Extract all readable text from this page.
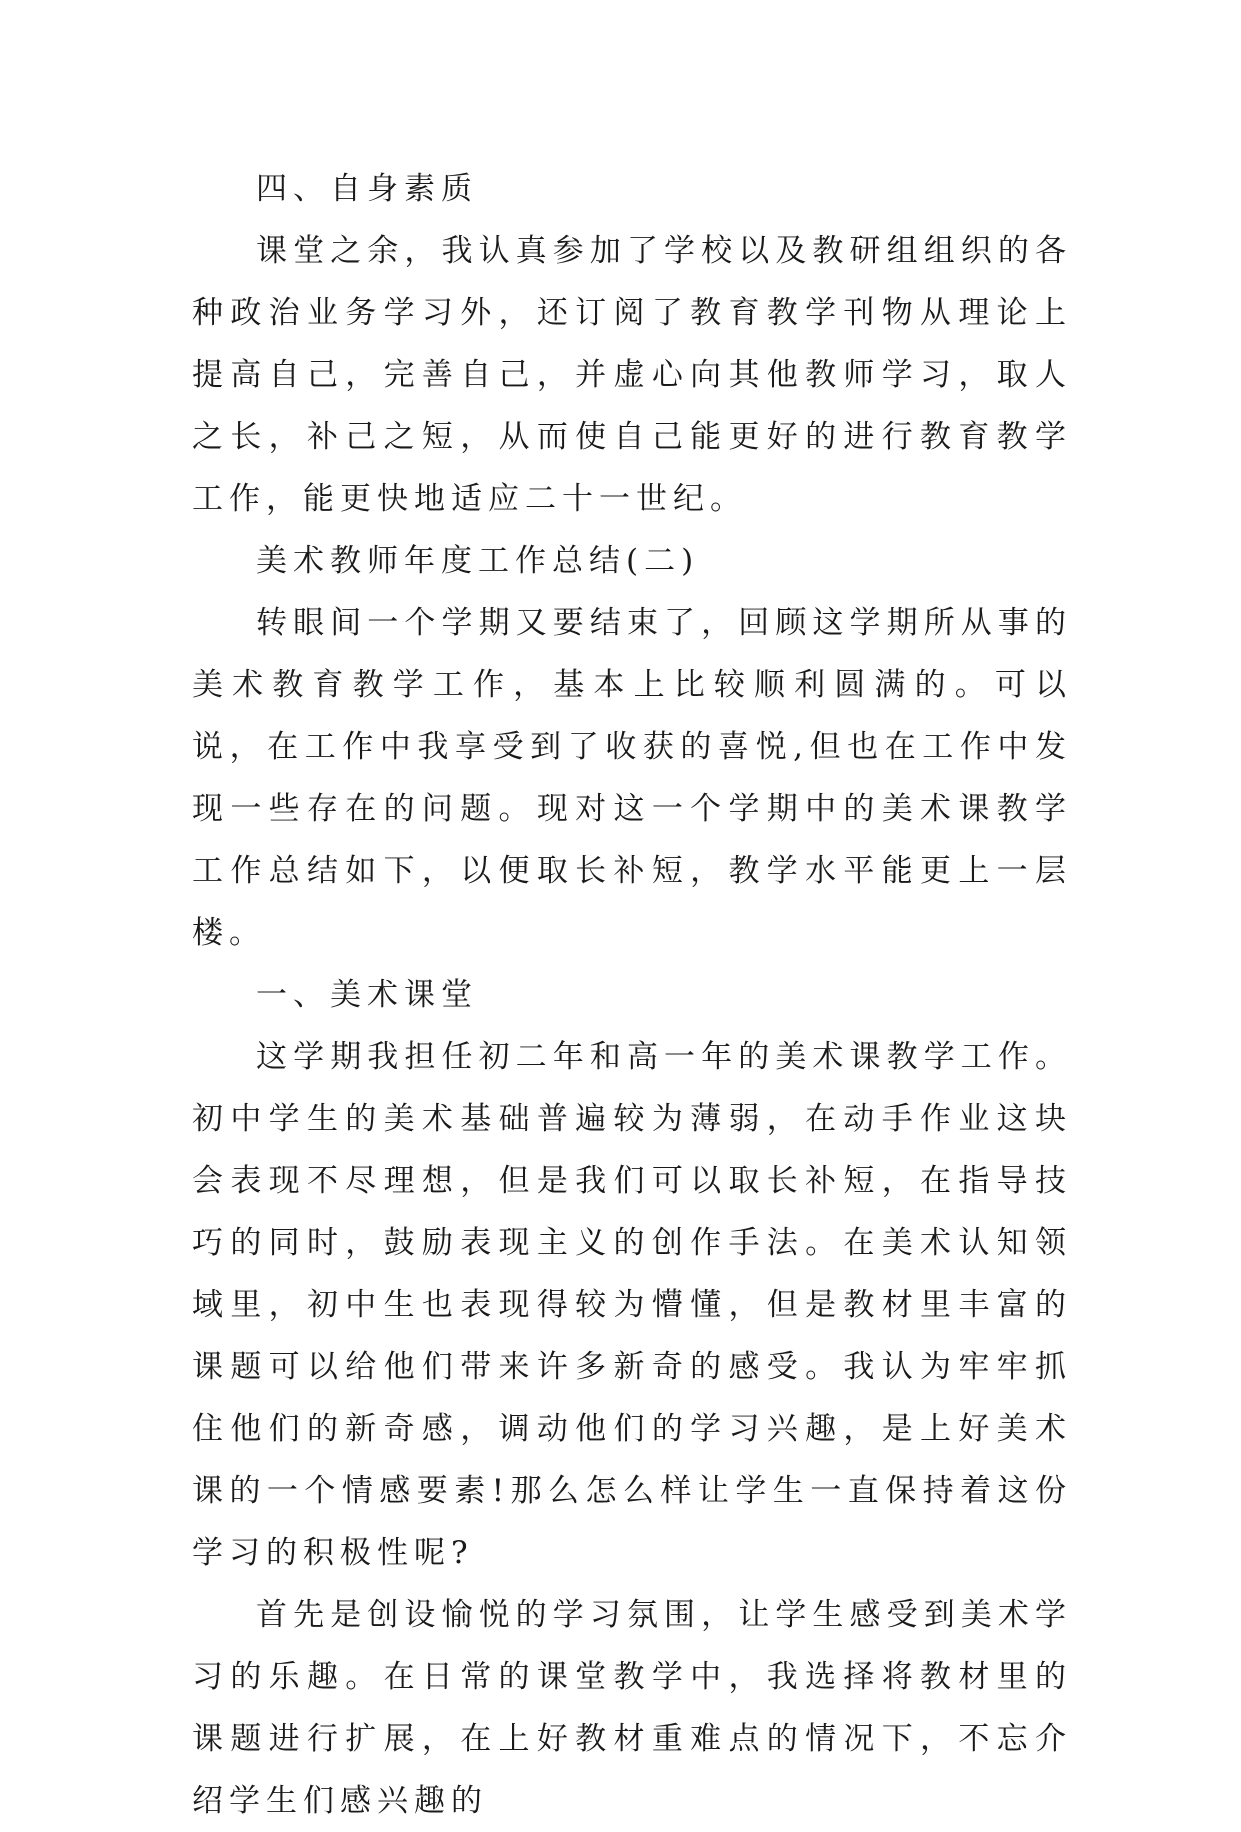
四、自身素质

课堂之余，我认真参加了学校以及教研组组织的各种政治业务学习外，还订阅了教育教学刊物从理论上提高自己，完善自己，并虚心向其他教师学习，取人之长，补己之短，从而使自己能更好的进行教育教学工作，能更快地适应二十一世纪。

美术教师年度工作总结(二)

转眼间一个学期又要结束了，回顾这学期所从事的美术教育教学工作，基本上比较顺利圆满的。可以说，在工作中我享受到了收获的喜悦,但也在工作中发现一些存在的问题。现对这一个学期中的美术课教学工作总结如下，以便取长补短，教学水平能更上一层楼。

一、美术课堂

这学期我担任初二年和高一年的美术课教学工作。初中学生的美术基础普遍较为薄弱，在动手作业这块会表现不尽理想，但是我们可以取长补短，在指导技巧的同时，鼓励表现主义的创作手法。在美术认知领域里，初中生也表现得较为懵懂，但是教材里丰富的课题可以给他们带来许多新奇的感受。我认为牢牢抓住他们的新奇感，调动他们的学习兴趣，是上好美术课的一个情感要素!那么怎么样让学生一直保持着这份学习的积极性呢?

首先是创设愉悦的学习氛围，让学生感受到美术学习的乐趣。在日常的课堂教学中，我选择将教材里的课题进行扩展，在上好教材重难点的情况下，不忘介绍学生们感兴趣的
